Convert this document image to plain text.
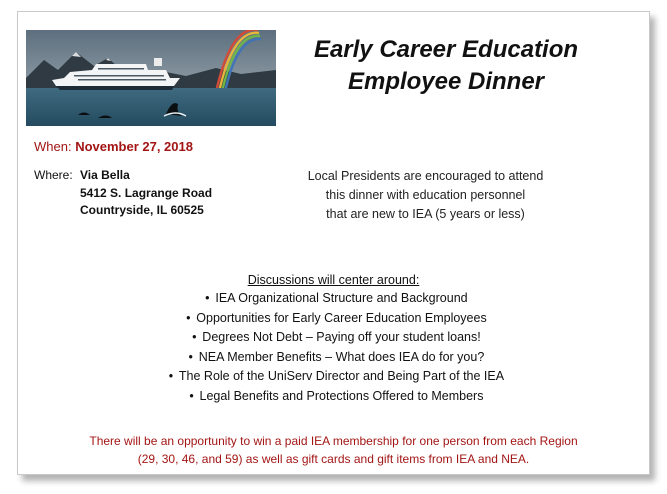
Early Career Education
Employee Dinner
When: November 27, 2018
Where: Via Bella
5412 S. Lagrange Road
Countryside, IL 60525
Local Presidents are encouraged to attend
this dinner with education personnel
that are new to IEA (5 years or less)
Discussions will center around:
• IEA Organizational Structure and Background
• Opportunities for Early Career Education Employees
• Degrees Not Debt – Paying off your student loans!
• NEA Member Benefits – What does IEA do for you?
• The Role of the UniServ Director and Being Part of the IEA
• Legal Benefits and Protections Offered to Members
There will be an opportunity to win a paid IEA membership for one person from each Region
(29, 30, 46, and 59) as well as gift cards and gift items from IEA and NEA.
